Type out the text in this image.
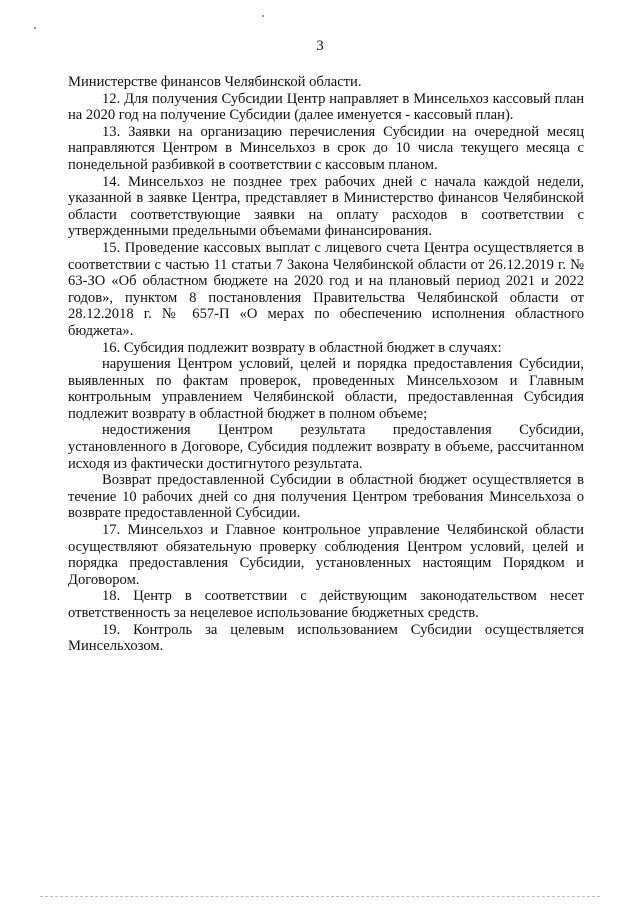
3

Министерстве финансов Челябинской области.

12. Для получения Субсидии Центр направляет в Минсельхоз кассовый план на 2020 год на получение Субсидии (далее именуется - кассовый план).

13. Заявки на организацию перечисления Субсидии на очередной месяц направляются Центром в Минсельхоз в срок до 10 числа текущего месяца с понедельной разбивкой в соответствии с кассовым планом.

14. Минсельхоз не позднее трех рабочих дней с начала каждой недели, указанной в заявке Центра, представляет в Министерство финансов Челябинской области соответствующие заявки на оплату расходов в соответствии с утвержденными предельными объемами финансирования.

15. Проведение кассовых выплат с лицевого счета Центра осуществляется в соответствии с частью 11 статьи 7 Закона Челябинской области от 26.12.2019 г. № 63-ЗО «Об областном бюджете на 2020 год и на плановый период 2021 и 2022 годов», пунктом 8 постановления Правительства Челябинской области от 28.12.2018 г. № 657-П «О мерах по обеспечению исполнения областного бюджета».

16. Субсидия подлежит возврату в областной бюджет в случаях:

нарушения Центром условий, целей и порядка предоставления Субсидии, выявленных по фактам проверок, проведенных Минсельхозом и Главным контрольным управлением Челябинской области, предоставленная Субсидия подлежит возврату в областной бюджет в полном объеме;

недостижения Центром результата предоставления Субсидии, установленного в Договоре, Субсидия подлежит возврату в объеме, рассчитанном исходя из фактически достигнутого результата.

Возврат предоставленной Субсидии в областной бюджет осуществляется в течение 10 рабочих дней со дня получения Центром требования Минсельхоза о возврате предоставленной Субсидии.

17. Минсельхоз и Главное контрольное управление Челябинской области осуществляют обязательную проверку соблюдения Центром условий, целей и порядка предоставления Субсидии, установленных настоящим Порядком и Договором.

18. Центр в соответствии с действующим законодательством несет ответственность за нецелевое использование бюджетных средств.

19. Контроль за целевым использованием Субсидии осуществляется Минсельхозом.
